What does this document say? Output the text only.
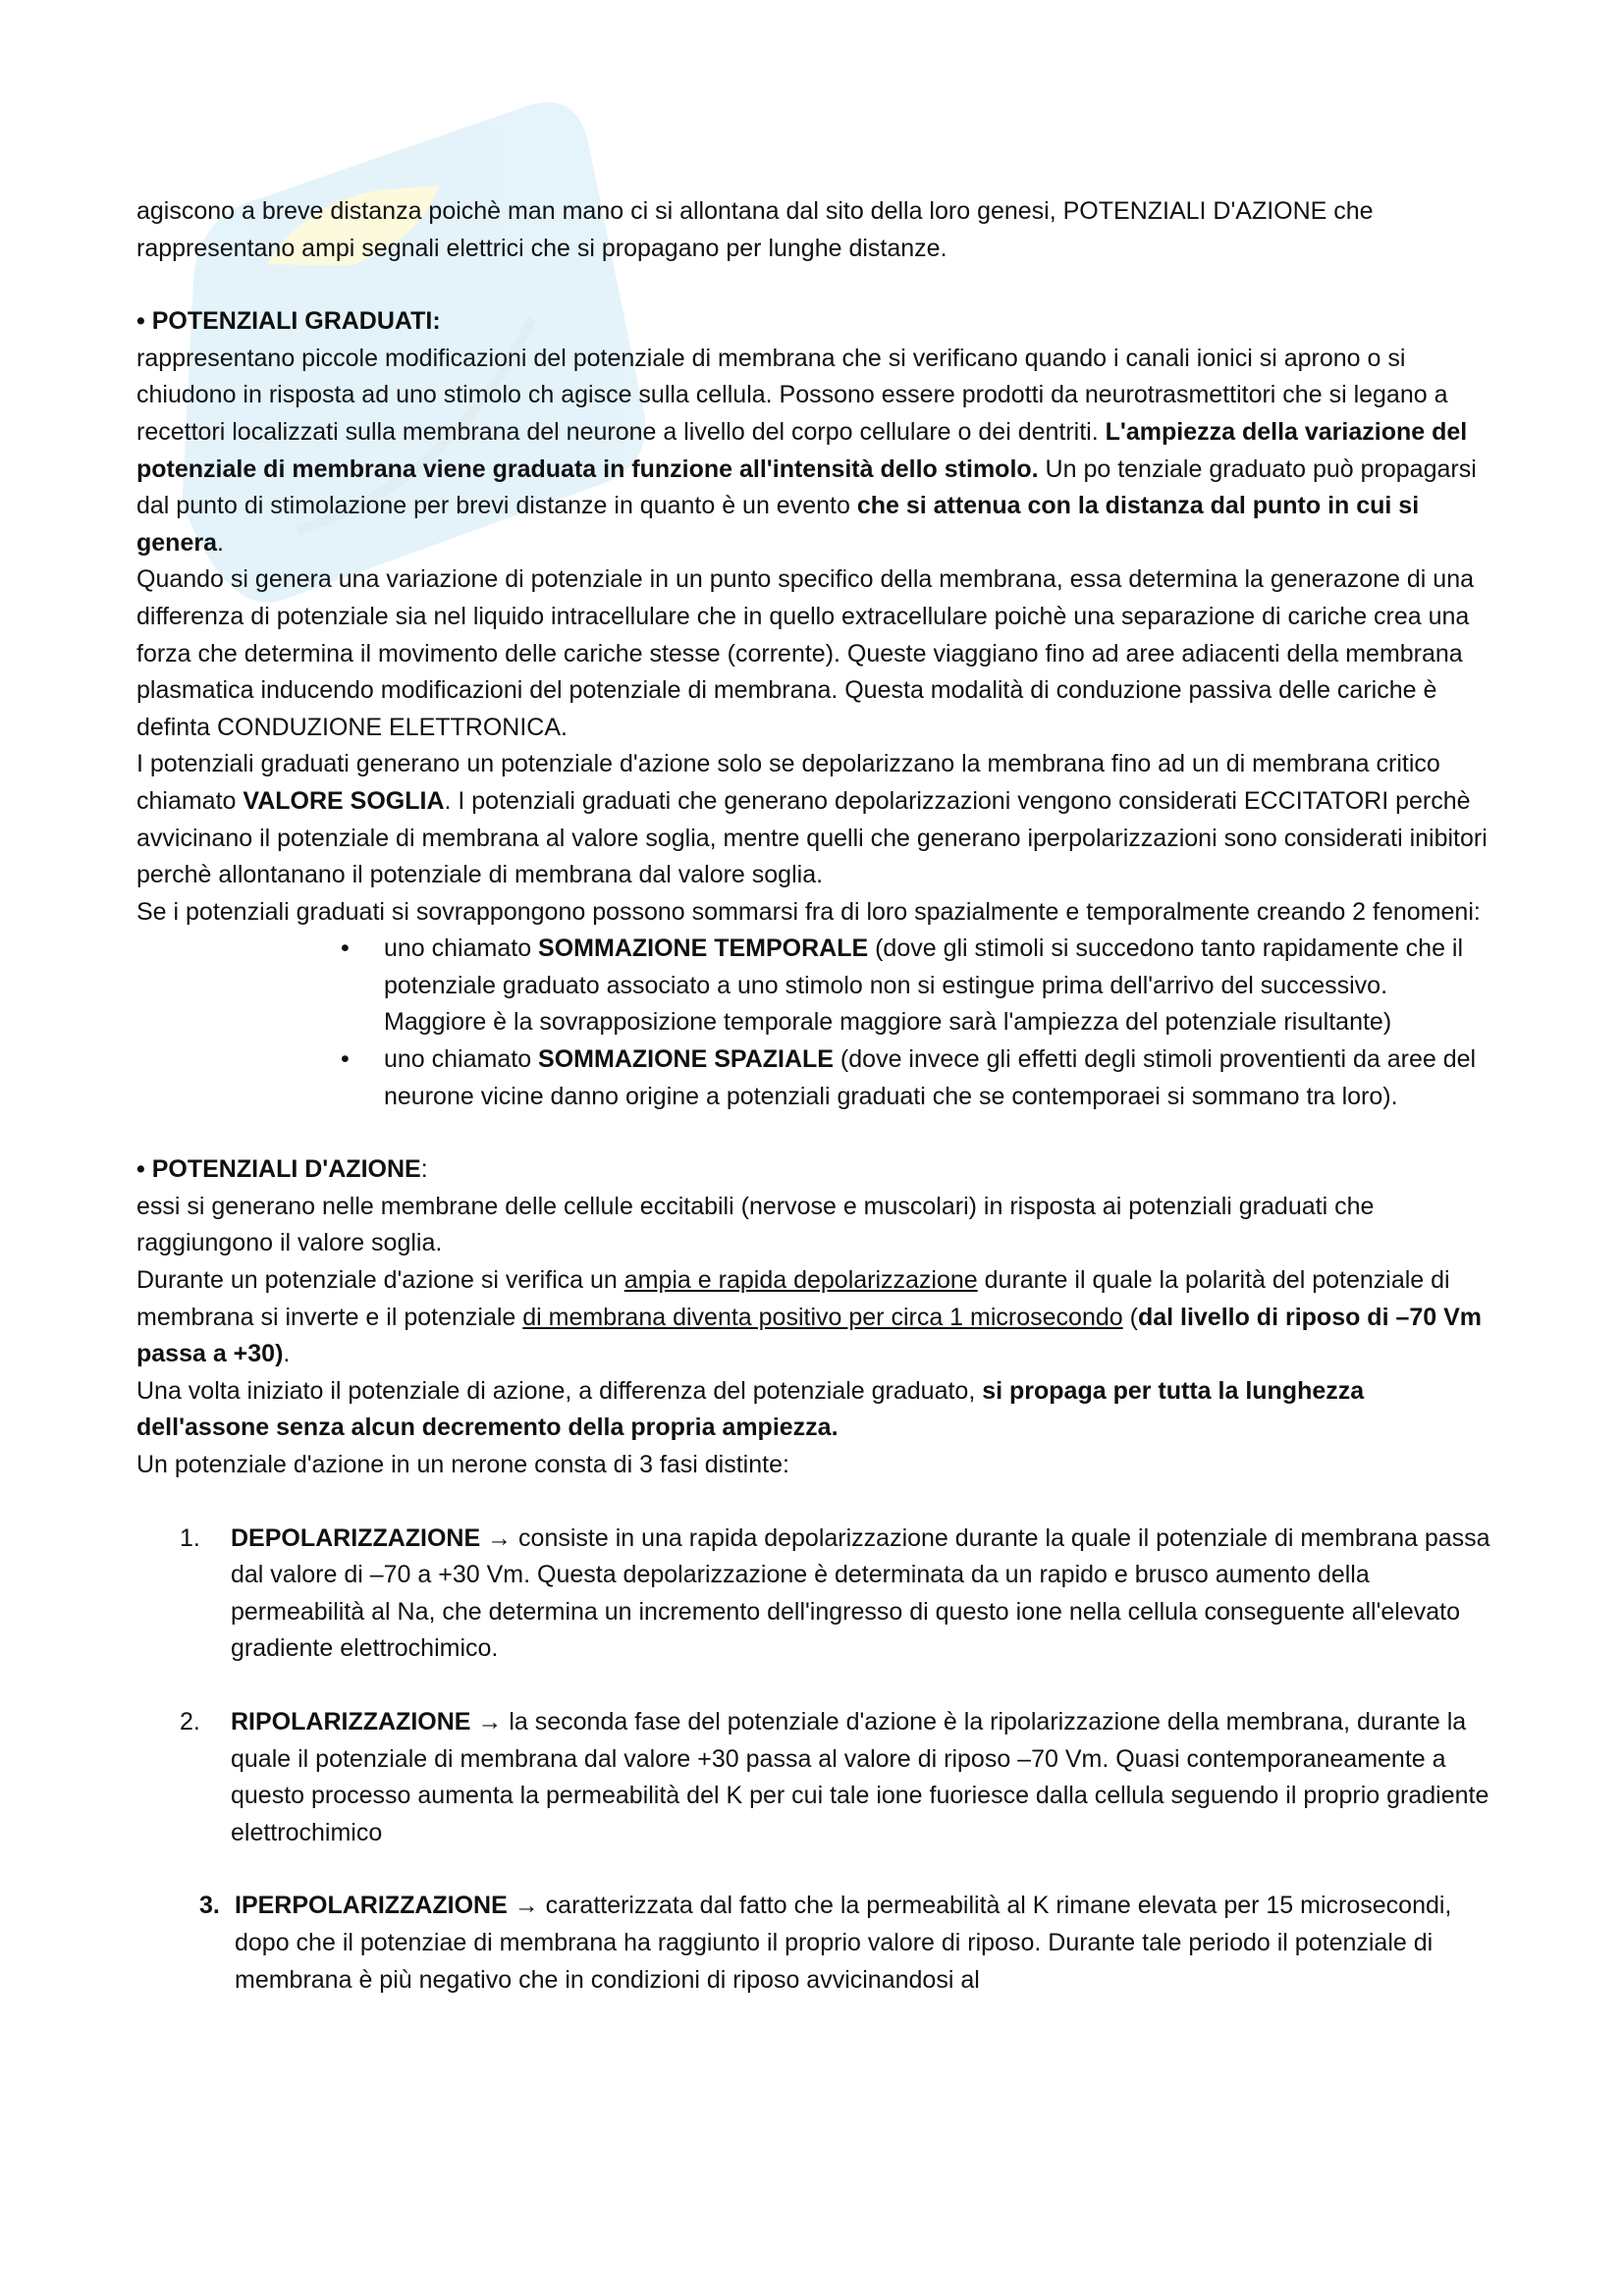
agiscono a breve distanza poichè man mano ci si allontana dal sito della loro genesi, POTENZIALI D'AZIONE che rappresentano ampi segnali elettrici che si propagano per lunghe distanze.

• POTENZIALI GRADUATI:

rappresentano piccole modificazioni del potenziale di membrana che si verificano quando i canali ionici si aprono o si chiudono in risposta ad uno stimolo ch agisce sulla cellula. Possono essere prodotti da neurotrasmettitori che si legano a recettori localizzati sulla membrana del neurone a livello del corpo cellulare o dei dentriti. L'ampiezza della variazione del potenziale di membrana viene graduata in funzione all'intensità dello stimolo. Un po tenziale graduato può propagarsi dal punto di stimolazione per brevi distanze in quanto è un evento che si attenua con la distanza dal punto in cui si genera.

Quando si genera una variazione di potenziale in un punto specifico della membrana, essa determina la generazone di una differenza di potenziale sia nel liquido intracellulare che in quello extracellulare poichè una separazione di cariche crea una forza che determina il movimento delle cariche stesse (corrente). Queste viaggiano fino ad aree adiacenti della membrana plasmatica inducendo modificazioni del potenziale di membrana. Questa modalità di conduzione passiva delle cariche è definta CONDUZIONE ELETTRONICA.

I potenziali graduati generano un potenziale d'azione solo se depolarizzano la membrana fino ad un di membrana critico chiamato VALORE SOGLIA. I potenziali graduati che generano depolarizzazioni vengono considerati ECCITATORI perchè avvicinano il potenziale di membrana al valore soglia, mentre quelli che generano iperpolarizzazioni sono considerati inibitori perchè allontanano il potenziale di membrana dal valore soglia.

Se i potenziali graduati si sovrappongono possono sommarsi fra di loro spazialmente e temporalmente creando 2 fenomeni:

• uno chiamato SOMMAZIONE TEMPORALE (dove gli stimoli si succedono tanto rapidamente che il potenziale graduato associato a uno stimolo non si estingue prima dell'arrivo del successivo. Maggiore è la sovrapposizione temporale maggiore sarà l'ampiezza del potenziale risultante)
• uno chiamato SOMMAZIONE SPAZIALE (dove invece gli effetti degli stimoli proventienti da aree del neurone vicine danno origine a potenziali graduati che se contemporaei si sommano tra loro).

• POTENZIALI D'AZIONE:

essi si generano nelle membrane delle cellule eccitabili (nervose e muscolari) in risposta ai potenziali graduati che raggiungono il valore soglia.

Durante un potenziale d'azione si verifica un ampia e rapida depolarizzazione durante il quale la polarità del potenziale di membrana si inverte e il potenziale di membrana diventa positivo per circa 1 microsecondo (dal livello di riposo di –70 Vm passa a +30).

Una volta iniziato il potenziale di azione, a differenza del potenziale graduato, si propaga per tutta la lunghezza dell'assone senza alcun decremento della propria ampiezza.

Un potenziale d'azione in un nerone consta di 3 fasi distinte:

1. DEPOLARIZZAZIONE → consiste in una rapida depolarizzazione durante la quale il potenziale di membrana passa dal valore di –70 a +30 Vm. Questa depolarizzazione è determinata da un rapido e brusco aumento della permeabilità al Na, che determina un incremento dell'ingresso di questo ione nella cellula conseguente all'elevato gradiente elettrochimico.
2. RIPOLARIZZAZIONE → la seconda fase del potenziale d'azione è la ripolarizzazione della membrana, durante la quale il potenziale di membrana dal valore +30 passa al valore di riposo –70 Vm. Quasi contemporaneamente a questo processo aumenta la permeabilità del K per cui tale ione fuoriesce dalla cellula seguendo il proprio gradiente elettrochimico
3. IPERPOLARIZZAZIONE → caratterizzata dal fatto che la permeabilità al K rimane elevata per 15 microsecondi, dopo che il potenziae di membrana ha raggiunto il proprio valore di riposo. Durante tale periodo il potenziale di membrana è più negativo che in condizioni di riposo avvicinandosi al
